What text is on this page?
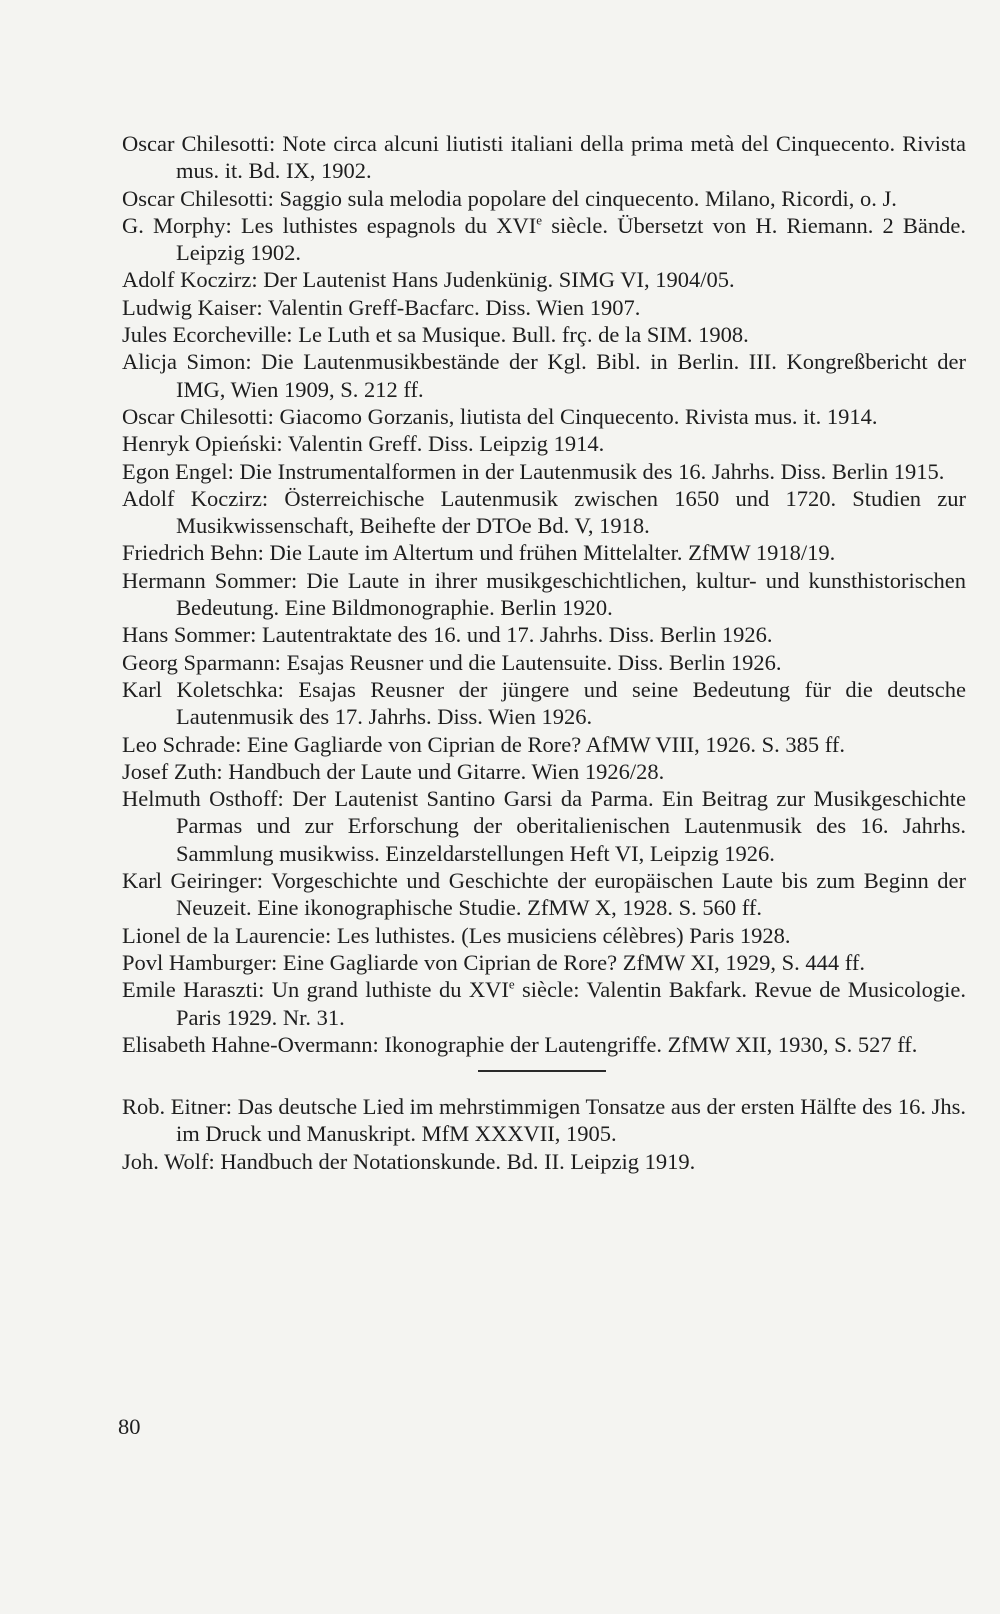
Oscar Chilesotti: Note circa alcuni liutisti italiani della prima metà del Cinquecento. Rivista mus. it. Bd. IX, 1902.

Oscar Chilesotti: Saggio sula melodia popolare del cinquecento. Milano, Ricordi, o. J.

G. Morphy: Les luthistes espagnols du XVIe siècle. Übersetzt von H. Riemann. 2 Bände. Leipzig 1902.

Adolf Koczirz: Der Lautenist Hans Judenkünig. SIMG VI, 1904/05.

Ludwig Kaiser: Valentin Greff-Bacfarc. Diss. Wien 1907.

Jules Ecorcheville: Le Luth et sa Musique. Bull. frç. de la SIM. 1908.

Alicja Simon: Die Lautenmusikbestände der Kgl. Bibl. in Berlin. III. Kongreßbericht der IMG, Wien 1909, S. 212 ff.

Oscar Chilesotti: Giacomo Gorzanis, liutista del Cinquecento. Rivista mus. it. 1914.

Henryk Opieński: Valentin Greff. Diss. Leipzig 1914.

Egon Engel: Die Instrumentalformen in der Lautenmusik des 16. Jahrhs. Diss. Berlin 1915.

Adolf Koczirz: Österreichische Lautenmusik zwischen 1650 und 1720. Studien zur Musikwissenschaft, Beihefte der DTOe Bd. V, 1918.

Friedrich Behn: Die Laute im Altertum und frühen Mittelalter. ZfMW 1918/19.

Hermann Sommer: Die Laute in ihrer musikgeschichtlichen, kultur- und kunsthistorischen Bedeutung. Eine Bildmonographie. Berlin 1920.

Hans Sommer: Lautentraktate des 16. und 17. Jahrhs. Diss. Berlin 1926.

Georg Sparmann: Esajas Reusner und die Lautensuite. Diss. Berlin 1926.

Karl Koletschka: Esajas Reusner der jüngere und seine Bedeutung für die deutsche Lautenmusik des 17. Jahrhs. Diss. Wien 1926.

Leo Schrade: Eine Gagliarde von Ciprian de Rore? AfMW VIII, 1926. S. 385 ff.

Josef Zuth: Handbuch der Laute und Gitarre. Wien 1926/28.

Helmuth Osthoff: Der Lautenist Santino Garsi da Parma. Ein Beitrag zur Musikgeschichte Parmas und zur Erforschung der oberitalienischen Lautenmusik des 16. Jahrhs. Sammlung musikwiss. Einzeldarstellungen Heft VI, Leipzig 1926.

Karl Geiringer: Vorgeschichte und Geschichte der europäischen Laute bis zum Beginn der Neuzeit. Eine ikonographische Studie. ZfMW X, 1928. S. 560 ff.

Lionel de la Laurencie: Les luthistes. (Les musiciens célèbres) Paris 1928.

Povl Hamburger: Eine Gagliarde von Ciprian de Rore? ZfMW XI, 1929, S. 444 ff.

Emile Haraszti: Un grand luthiste du XVIe siècle: Valentin Bakfark. Revue de Musicologie. Paris 1929. Nr. 31.

Elisabeth Hahne-Overmann: Ikonographie der Lautengriffe. ZfMW XII, 1930, S. 527 ff.

Rob. Eitner: Das deutsche Lied im mehrstimmigen Tonsatze aus der ersten Hälfte des 16. Jhs. im Druck und Manuskript. MfM XXXVII, 1905.

Joh. Wolf: Handbuch der Notationskunde. Bd. II. Leipzig 1919.

80
